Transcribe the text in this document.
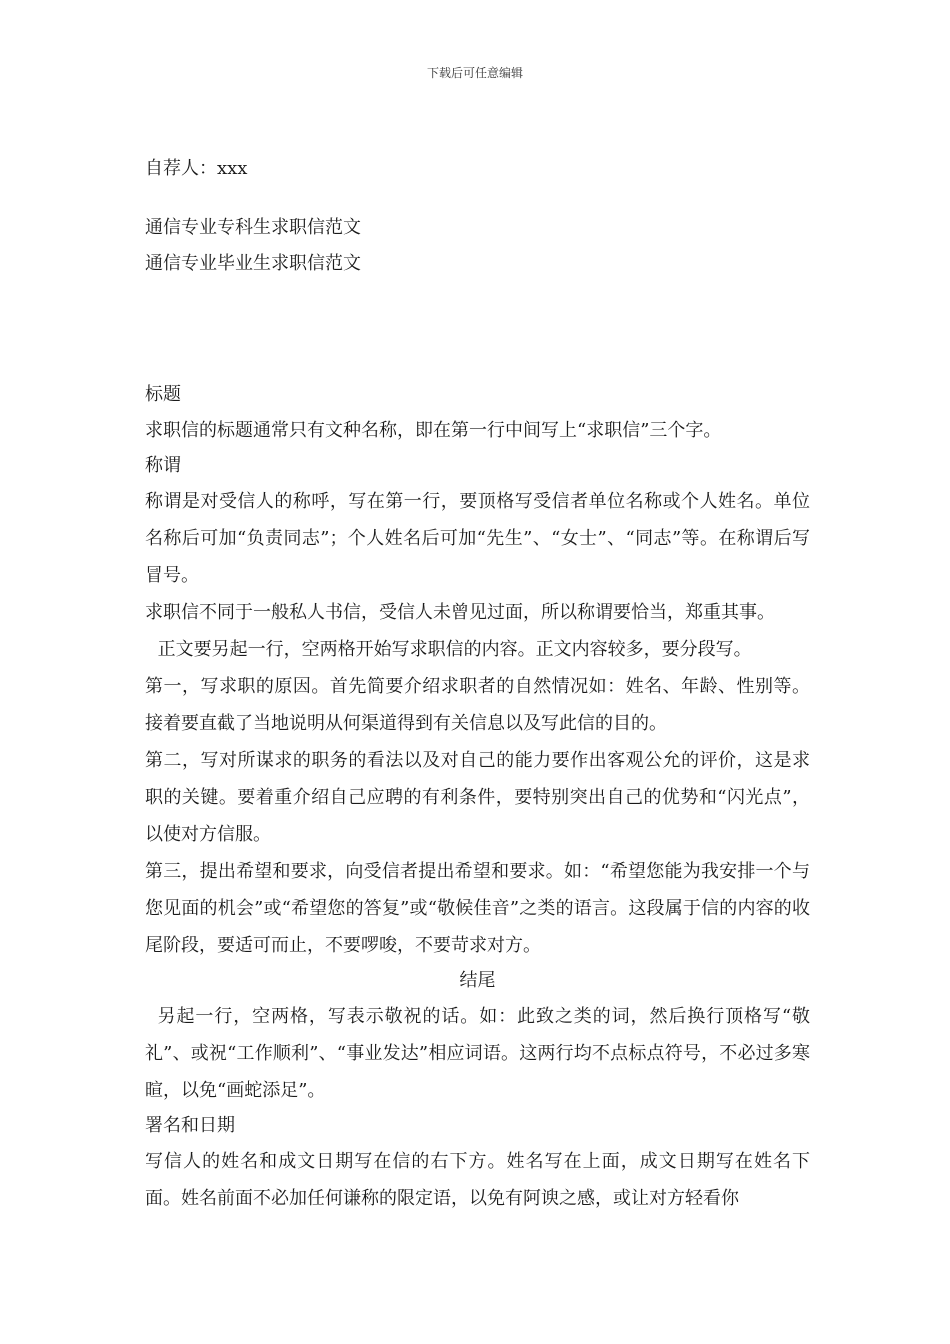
下载后可任意编辑
自荐人：xxx
通信专业专科生求职信范文
通信专业毕业生求职信范文
标题
求职信的标题通常只有文种名称，即在第一行中间写上“求职信”三个字。
称谓
称谓是对受信人的称呼，写在第一行，要顶格写受信者单位名称或个人姓名。单位名称后可加“负责同志”；个人姓名后可加“先生”、“女士”、“同志”等。在称谓后写冒号。
求职信不同于一般私人书信，受信人未曾见过面，所以称谓要恰当，郑重其事。
正文要另起一行，空两格开始写求职信的内容。正文内容较多，要分段写。
第一，写求职的原因。首先简要介绍求职者的自然情况如：姓名、年龄、性别等。接着要直截了当地说明从何渠道得到有关信息以及写此信的目的。
第二，写对所谋求的职务的看法以及对自己的能力要作出客观公允的评价，这是求职的关键。要着重介绍自己应聘的有利条件，要特别突出自己的优势和“闪光点”，以使对方信服。
第三，提出希望和要求，向受信者提出希望和要求。如：“希望您能为我安排一个与您见面的机会”或“希望您的答复”或“敬候佳音”之类的语言。这段属于信的内容的收尾阶段，要适可而止，不要啰唆，不要苛求对方。
结尾
另起一行，空两格，写表示敬祝的话。如：此致之类的词，然后换行顶格写“敬礼”、或祝“工作顺利”、“事业发达”相应词语。这两行均不点标点符号，不必过多寒暄，以免“画蛇添足”。
署名和日期
写信人的姓名和成文日期写在信的右下方。姓名写在上面，成文日期写在姓名下面。姓名前面不必加任何谦称的限定语，以免有阿谀之感，或让对方轻看你
